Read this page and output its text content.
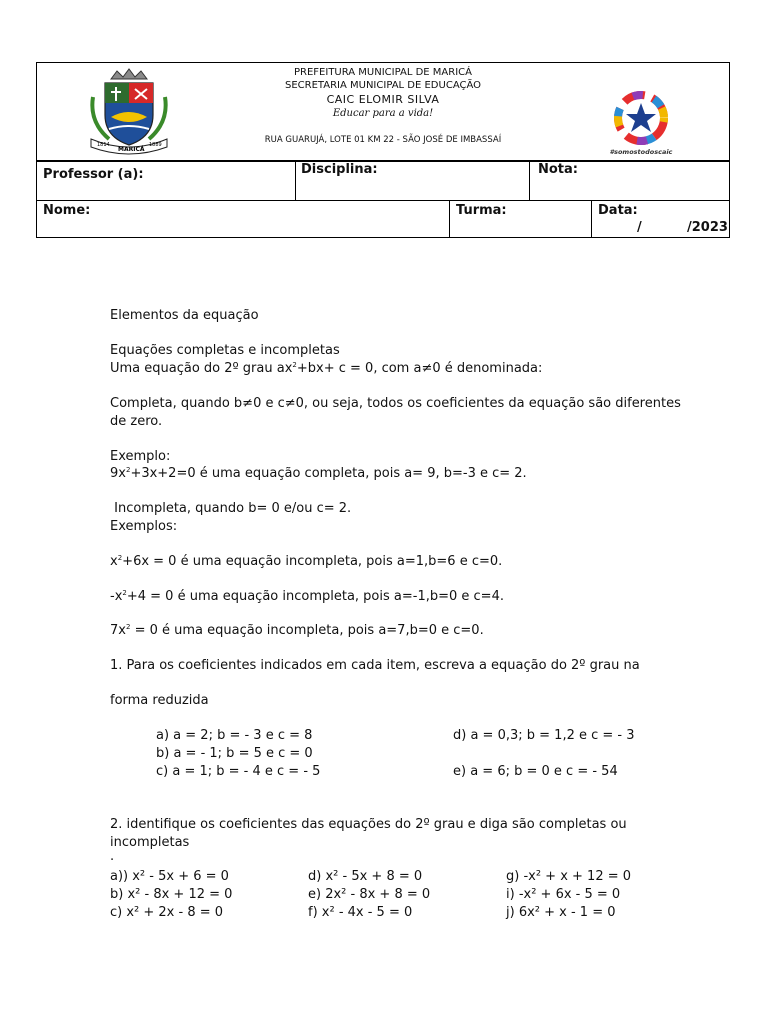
1814
MARICÁ
1889
PREFEITURA MUNICIPAL DE MARICÁ
SECRETARIA MUNICIPAL DE EDUCAÇÃO
CAIC ELOMIR SILVA
Educar para a vida!
RUA GUARUJÁ, LOTE 01 KM 22 - SÃO JOSÉ DE IMBASSAÍ
#somostodoscaic
Professor (a):	Disciplina:	Nota:
Nome:	Turma:	Data:
/          /2023
Elementos da equação
Equações completas e incompletas
Uma equação do 2º grau $ax^2+bx+ c = 0$, com a≠0 é denominada:
Completa, quando b≠0 e c≠0, ou seja, todos os coeficientes da equação são diferentes
de zero.
Exemplo:
$9x^2+3x+2=0$ é uma equação completa, pois a= 9, b=-3 e c= 2.
Incompleta, quando b= 0 e/ou c= 2.
Exemplos:
$x^2+6x = 0$ é uma equação incompleta, pois a=1,b=6 e c=0.
$-x^2+4 = 0$ é uma equação incompleta, pois a=-1,b=0 e c=4.
$7x^2 = 0$ é uma equação incompleta, pois a=7,b=0 e c=0.
1. Para os coeficientes indicados em cada item, escreva a equação do 2º grau na
forma reduzida
a) a = 2; b = - 3 e c = 8
b) a = - 1; b = 5 e c = 0
c) a = 1; b = - 4 e c = - 5
d) a = 0,3; b = 1,2 e c = - 3
e) a = 6; b = 0 e c = - 54
2. identifique os coeficientes das equações do 2º grau e diga são completas ou
incompletas
.
a)) x² - 5x + 6 = 0
b) x² - 8x + 12 = 0
c) x² + 2x - 8 = 0
d) x² - 5x + 8 = 0
e) 2x² - 8x + 8 = 0
f) x² - 4x - 5 = 0
g) -x² + x + 12 = 0
i) -x² + 6x - 5 = 0
j) 6x² + x - 1 = 0
